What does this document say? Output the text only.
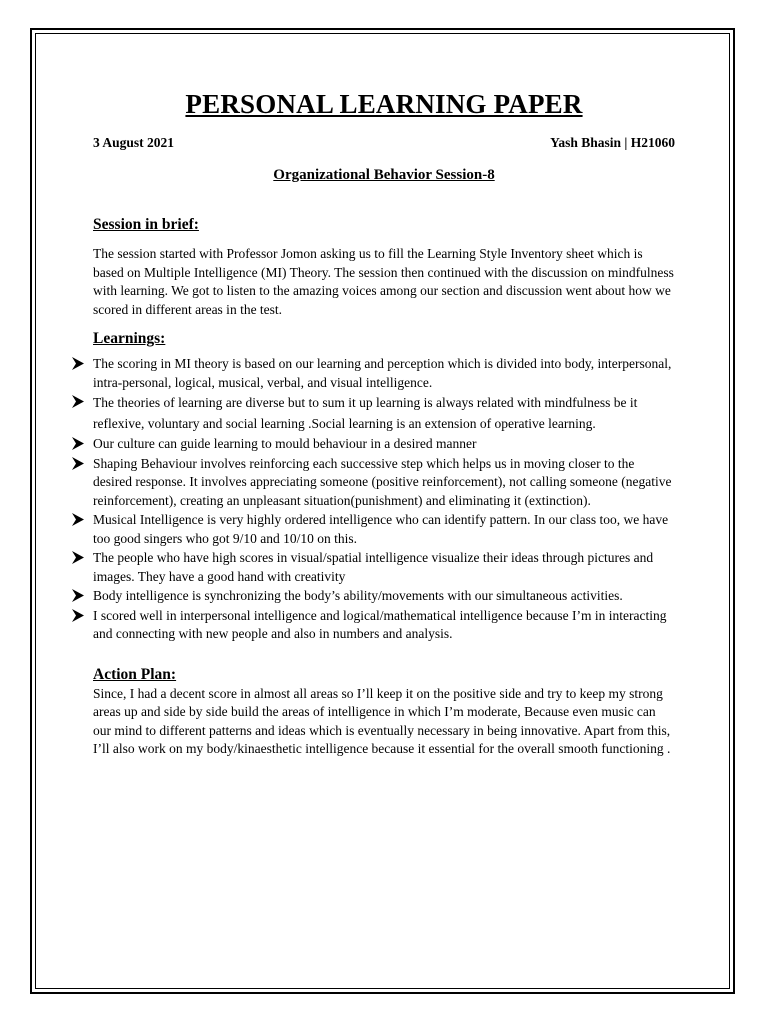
PERSONAL LEARNING PAPER
3 August 2021	Yash Bhasin | H21060
Organizational Behavior Session-8
Session in brief:

The session started with Professor Jomon asking us to fill the Learning Style Inventory sheet which is based on Multiple Intelligence (MI) Theory. The session then continued with the discussion on mindfulness with learning. We got to listen to the amazing voices among our section and discussion went about how we scored in different areas in the test.

Learnings:
The scoring in MI theory is based on our learning and perception which is divided into body, interpersonal, intra-personal, logical, musical, verbal, and visual intelligence.
The theories of learning are diverse but to sum it up learning is always related with mindfulness be it reflexive, voluntary and social learning .Social learning is an extension of operative learning.
Our culture can guide learning to mould behaviour in a desired manner
Shaping Behaviour involves reinforcing each successive step which helps us in moving closer to the desired response. It involves appreciating someone (positive reinforcement), not calling someone (negative reinforcement), creating an unpleasant situation(punishment) and eliminating it (extinction).
Musical Intelligence is very highly ordered intelligence who can identify pattern. In our class too, we have too good singers who got 9/10 and 10/10 on this.
The people who have high scores in visual/spatial intelligence visualize their ideas through pictures and images. They have a good hand with creativity
Body intelligence is synchronizing the body’s ability/movements with our simultaneous activities.
I scored well in interpersonal intelligence and logical/mathematical intelligence because I’m in interacting and connecting with new people and also in numbers and analysis.
Action Plan:

Since, I had a decent score in almost all areas so I’ll keep it on the positive side and try to keep my strong areas up and side by side build the areas of intelligence in which I’m moderate, Because even music can our mind to different patterns and ideas which is eventually necessary in being innovative. Apart from this, I’ll also work on my body/kinaesthetic intelligence because it essential for the overall smooth functioning .
